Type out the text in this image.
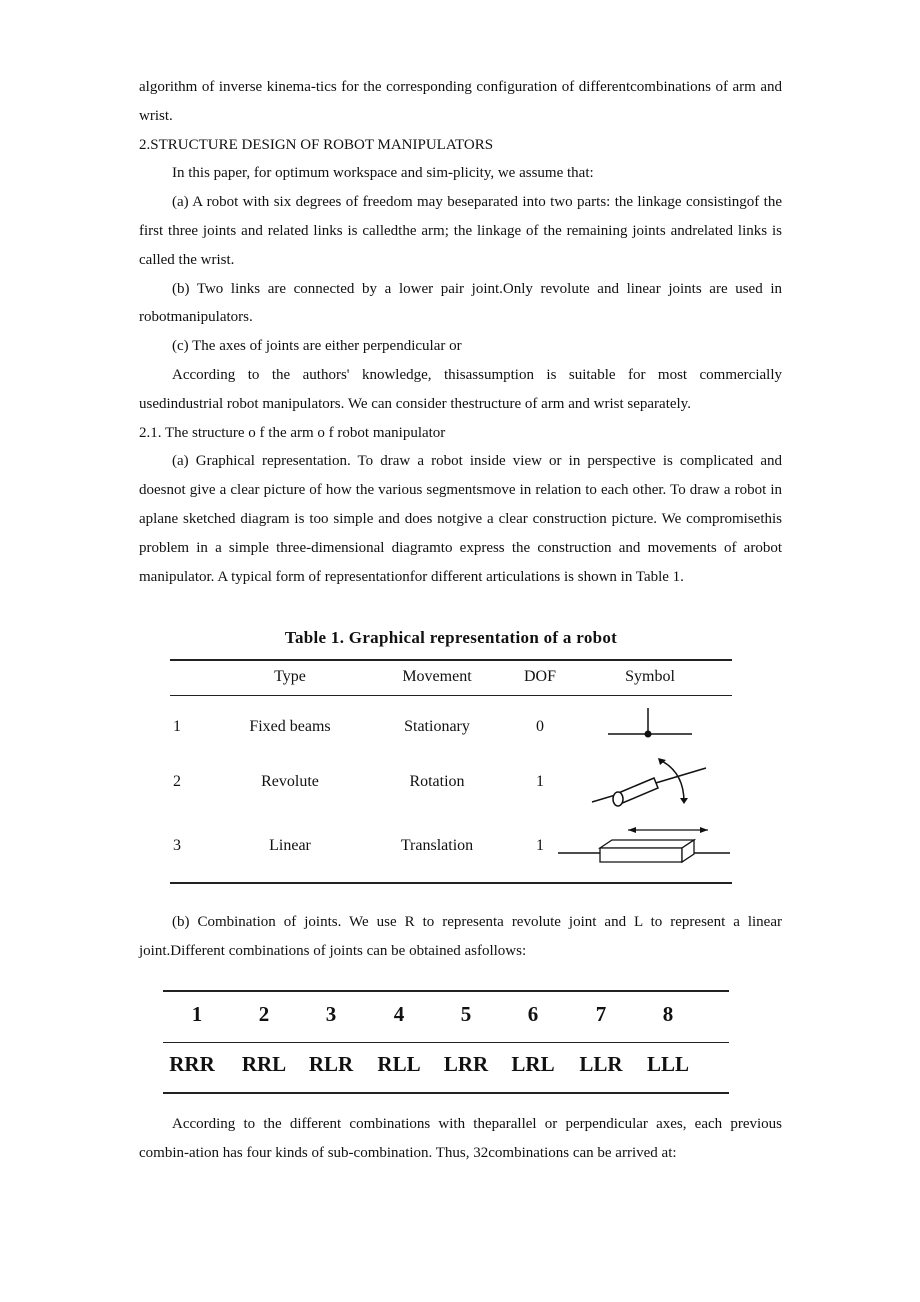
algorithm of inverse kinema-tics for the corresponding configuration of differentcombinations of arm and wrist.

2.STRUCTURE DESIGN OF ROBOT MANIPULATORS

In this paper, for optimum workspace and sim-plicity, we assume that:

(a) A robot with six degrees of freedom may beseparated into two parts: the linkage consistingof the first three joints and related links is calledthe arm; the linkage of the remaining joints andrelated links is called the wrist.

(b) Two links are connected by a lower pair joint.Only revolute and linear joints are used in robotmanipulators.

(c) The axes of joints are either perpendicular or

According to the authors' knowledge, thisassumption is suitable for most commercially usedindustrial robot manipulators. We can consider thestructure of arm and wrist separately.

2.1. The structure o f the arm o f robot manipulator

(a) Graphical representation. To draw a robot inside view or in perspective is complicated and doesnot give a clear picture of how the various segmentsmove in relation to each other. To draw a robot in aplane sketched diagram is too simple and does notgive a clear construction picture. We compromisethis problem in a simple three-dimensional diagramto express the construction and movements of arobot manipulator. A typical form of representationfor different articulations is shown in Table 1.

Table 1. Graphical representation of a robot
Type	Movement	DOF	Symbol
1	Fixed beams	Stationary	0
2	Revolute	Rotation	1
3	Linear	Translation	1

(b) Combination of joints. We use R to representa revolute joint and L to represent a linear joint.Different combinations of joints can be obtained asfollows:

1	2	3	4	5	6	7	8
RRR	RRL	RLR	RLL	LRR	LRL	LLR	LLL

According to the different combinations with theparallel or perpendicular axes, each previous combin-ation has four kinds of sub-combination. Thus, 32combinations can be arrived at:
